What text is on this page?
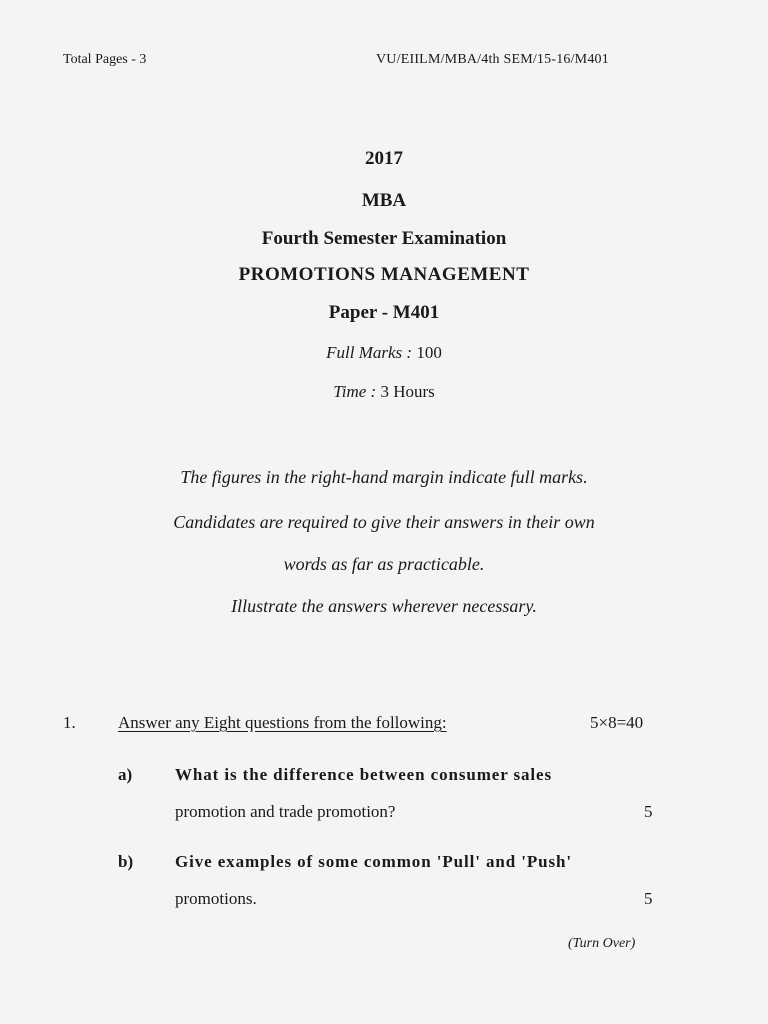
Total Pages - 3	VU/EIILM/MBA/4th SEM/15-16/M401
2017
MBA
Fourth Semester Examination
PROMOTIONS MANAGEMENT
Paper - M401
Full Marks : 100
Time : 3 Hours
The figures in the right-hand margin indicate full marks.
Candidates are required to give their answers in their own
words as far as practicable.
Illustrate the answers wherever necessary.
1. Answer any Eight questions from the following:	5×8=40
a)	What is the difference between consumer sales
promotion and trade promotion?	5
b) Give examples of some common 'Pull' and 'Push'
promotions.	5
(Turn Over)
